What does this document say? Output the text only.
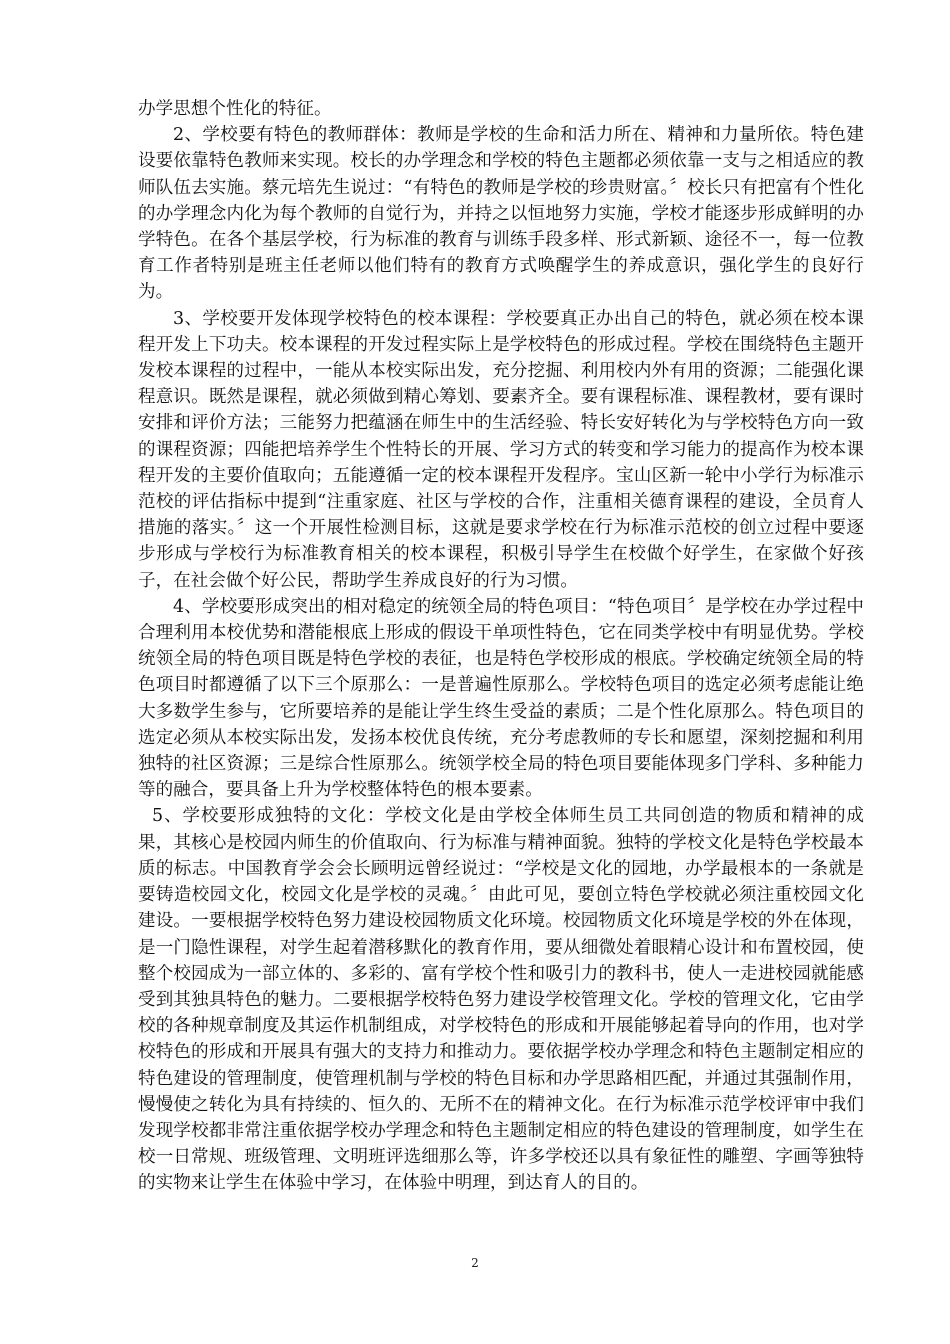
办学思想个性化的特征。

2、学校要有特色的教师群体：教师是学校的生命和活力所在、精神和力量所依。特色建设要依靠特色教师来实现。校长的办学理念和学校的特色主题都必须依靠一支与之相适应的教师队伍去实施。蔡元培先生说过：“有特色的教师是学校的珍贵财富。〞校长只有把富有个性化的办学理念内化为每个教师的自觉行为，并持之以恒地努力实施，学校才能逐步形成鲜明的办学特色。在各个基层学校，行为标准的教育与训练手段多样、形式新颖、途径不一，每一位教育工作者特别是班主任老师以他们特有的教育方式唤醒学生的养成意识，强化学生的良好行为。

3、学校要开发体现学校特色的校本课程：学校要真正办出自己的特色，就必须在校本课程开发上下功夫。校本课程的开发过程实际上是学校特色的形成过程。学校在围绕特色主题开发校本课程的过程中，一能从本校实际出发，充分挖掘、利用校内外有用的资源；二能强化课程意识。既然是课程，就必须做到精心筹划、要素齐全。要有课程标准、课程教材，要有课时安排和评价方法；三能努力把蕴涵在师生中的生活经验、特长安好转化为与学校特色方向一致的课程资源；四能把培养学生个性特长的开展、学习方式的转变和学习能力的提高作为校本课程开发的主要价值取向；五能遵循一定的校本课程开发程序。宝山区新一轮中小学行为标准示范校的评估指标中提到“注重家庭、社区与学校的合作，注重相关德育课程的建设，全员育人措施的落实。〞这一个开展性检测目标，这就是要求学校在行为标准示范校的创立过程中要逐步形成与学校行为标准教育相关的校本课程，积极引导学生在校做个好学生，在家做个好孩子，在社会做个好公民，帮助学生养成良好的行为习惯。

4、学校要形成突出的相对稳定的统领全局的特色项目：“特色项目〞是学校在办学过程中合理利用本校优势和潜能根底上形成的假设干单项性特色，它在同类学校中有明显优势。学校统领全局的特色项目既是特色学校的表征，也是特色学校形成的根底。学校确定统领全局的特色项目时都遵循了以下三个原那么：一是普遍性原那么。学校特色项目的选定必须考虑能让绝大多数学生参与，它所要培养的是能让学生终生受益的素质；二是个性化原那么。特色项目的选定必须从本校实际出发，发扬本校优良传统，充分考虑教师的专长和愿望，深刻挖掘和利用独特的社区资源；三是综合性原那么。统领学校全局的特色项目要能体现多门学科、多种能力等的融合，要具备上升为学校整体特色的根本要素。

5、学校要形成独特的文化：学校文化是由学校全体师生员工共同创造的物质和精神的成果，其核心是校园内师生的价值取向、行为标准与精神面貌。独特的学校文化是特色学校最本质的标志。中国教育学会会长顾明远曾经说过：“学校是文化的园地，办学最根本的一条就是要铸造校园文化，校园文化是学校的灵魂。〞由此可见，要创立特色学校就必须注重校园文化建设。一要根据学校特色努力建设校园物质文化环境。校园物质文化环境是学校的外在体现，是一门隐性课程，对学生起着潜移默化的教育作用，要从细微处着眼精心设计和布置校园，使整个校园成为一部立体的、多彩的、富有学校个性和吸引力的教科书，使人一走进校园就能感受到其独具特色的魅力。二要根据学校特色努力建设学校管理文化。学校的管理文化，它由学校的各种规章制度及其运作机制组成，对学校特色的形成和开展能够起着导向的作用，也对学校特色的形成和开展具有强大的支持力和推动力。要依据学校办学理念和特色主题制定相应的特色建设的管理制度，使管理机制与学校的特色目标和办学思路相匹配，并通过其强制作用，慢慢使之转化为具有持续的、恒久的、无所不在的精神文化。在行为标准示范学校评审中我们发现学校都非常注重依据学校办学理念和特色主题制定相应的特色建设的管理制度，如学生在校一日常规、班级管理、文明班评选细那么等，许多学校还以具有象征性的雕塑、字画等独特的实物来让学生在体验中学习，在体验中明理，到达育人的目的。

2
